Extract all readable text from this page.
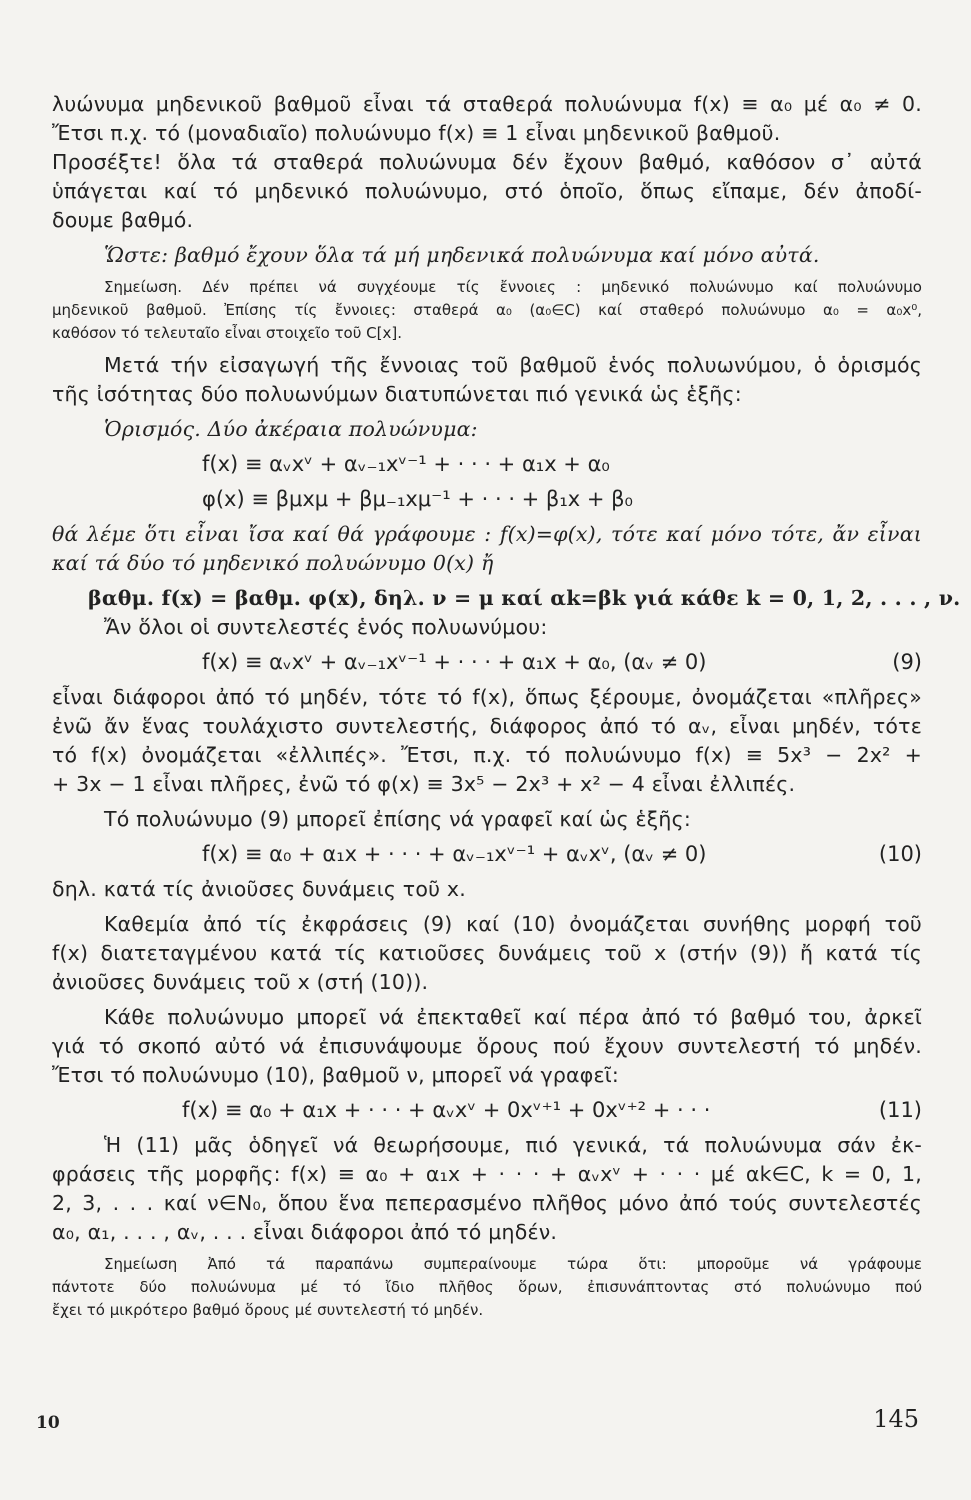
λυώνυμα μηδενικοῦ βαθμοῦ εἶναι τά σταθερά πολυώνυμα f(x) ≡ α₀ μέ α₀ ≠ 0.
Ἔτσι π.χ. τό (μοναδιαῖο) πολυώνυμο f(x) ≡ 1 εἶναι μηδενικοῦ βαθμοῦ.
Προσέξτε! ὅλα τά σταθερά πολυώνυμα δέν ἔχουν βαθμό, καθόσον σ᾽ αὐτά
ὑπάγεται καί τό μηδενικό πολυώνυμο, στό ὁποῖο, ὅπως εἴπαμε, δέν ἀποδί-
δουμε βαθμό.
Ὥστε: βαθμό ἔχουν ὅλα τά μή μηδενικά πολυώνυμα καί μόνο αὐτά.
Σημείωση. Δέν πρέπει νά συγχέουμε τίς ἔννοιες : μηδενικό πολυώνυμο καί πολυώνυμο
μηδενικοῦ βαθμοῦ. Ἐπίσης τίς ἔννοιες: σταθερά α₀ (α₀∈C) καί σταθερό πολυώνυμο α₀ = α₀x⁰,
καθόσον τό τελευταῖο εἶναι στοιχεῖο τοῦ C[x].
Μετά τήν εἰσαγωγή τῆς ἔννοιας τοῦ βαθμοῦ ἑνός πολυωνύμου, ὁ ὁρισμός
τῆς ἰσότητας δύο πολυωνύμων διατυπώνεται πιό γενικά ὡς ἑξῆς:
Ὁρισμός. Δύο ἀκέραια πολυώνυμα:
f(x) ≡ αᵥxᵛ + αᵥ₋₁xᵛ⁻¹ + · · · + α₁x + α₀
φ(x) ≡ βμxμ + βμ₋₁xμ⁻¹ + · · · + β₁x + β₀
θά λέμε ὅτι εἶναι ἴσα καί θά γράφουμε : f(x)=φ(x), τότε καί μόνο τότε, ἄν εἶναι
καί τά δύο τό μηδενικό πολυώνυμο 0(x) ἤ
βαθμ. f(x) = βαθμ. φ(x), δηλ. ν = μ καί αk=βk γιά κάθε k = 0, 1, 2, . . . , ν.
Ἄν ὅλοι οἱ συντελεστές ἑνός πολυωνύμου:
f(x) ≡ αᵥxᵛ + αᵥ₋₁xᵛ⁻¹ + · · · + α₁x + α₀, (αᵥ ≠ 0)	(9)
εἶναι διάφοροι ἀπό τό μηδέν, τότε τό f(x), ὅπως ξέρουμε, ὀνομάζεται «πλῆρες»
ἐνῶ ἄν ἕνας τουλάχιστο συντελεστής, διάφορος ἀπό τό αᵥ, εἶναι μηδέν, τότε
τό f(x) ὀνομάζεται «ἐλλιπές». Ἔτσι, π.χ. τό πολυώνυμο f(x) ≡ 5x³ − 2x² +
+ 3x − 1 εἶναι πλῆρες, ἐνῶ τό φ(x) ≡ 3x⁵ − 2x³ + x² − 4 εἶναι ἐλλιπές.
Τό πολυώνυμο (9) μπορεῖ ἐπίσης νά γραφεῖ καί ὡς ἑξῆς:
f(x) ≡ α₀ + α₁x + · · · + αᵥ₋₁xᵛ⁻¹ + αᵥxᵛ, (αᵥ ≠ 0)	(10)
δηλ. κατά τίς ἀνιοῦσες δυνάμεις τοῦ x.
Καθεμία ἀπό τίς ἐκφράσεις (9) καί (10) ὀνομάζεται συνήθης μορφή τοῦ
f(x) διατεταγμένου κατά τίς κατιοῦσες δυνάμεις τοῦ x (στήν (9)) ἤ κατά τίς
ἀνιοῦσες δυνάμεις τοῦ x (στή (10)).
Κάθε πολυώνυμο μπορεῖ νά ἐπεκταθεῖ καί πέρα ἀπό τό βαθμό του, ἀρκεῖ
γιά τό σκοπό αὐτό νά ἐπισυνάψουμε ὅρους πού ἔχουν συντελεστή τό μηδέν.
Ἔτσι τό πολυώνυμο (10), βαθμοῦ ν, μπορεῖ νά γραφεῖ:
f(x) ≡ α₀ + α₁x + · · · + αᵥxᵛ + 0xᵛ⁺¹ + 0xᵛ⁺² + · · ·	(11)
Ἡ (11) μᾶς ὁδηγεῖ νά θεωρήσουμε, πιό γενικά, τά πολυώνυμα σάν ἐκ-
φράσεις τῆς μορφῆς: f(x) ≡ α₀ + α₁x + · · · + αᵥxᵛ + · · · μέ αk∈C, k = 0, 1,
2, 3, . . . καί ν∈N₀, ὅπου ἕνα πεπερασμένο πλῆθος μόνο ἀπό τούς συντελεστές
α₀, α₁, . . . , αᵥ, . . . εἶναι διάφοροι ἀπό τό μηδέν.
Σημείωση Ἀπό τά παραπάνω συμπεραίνουμε τώρα ὅτι: μποροῦμε νά γράφουμε
πάντοτε δύο πολυώνυμα μέ τό ἴδιο πλῆθος ὅρων, ἐπισυνάπτοντας στό πολυώνυμο πού
ἔχει τό μικρότερο βαθμό ὅρους μέ συντελεστή τό μηδέν.
10	145
